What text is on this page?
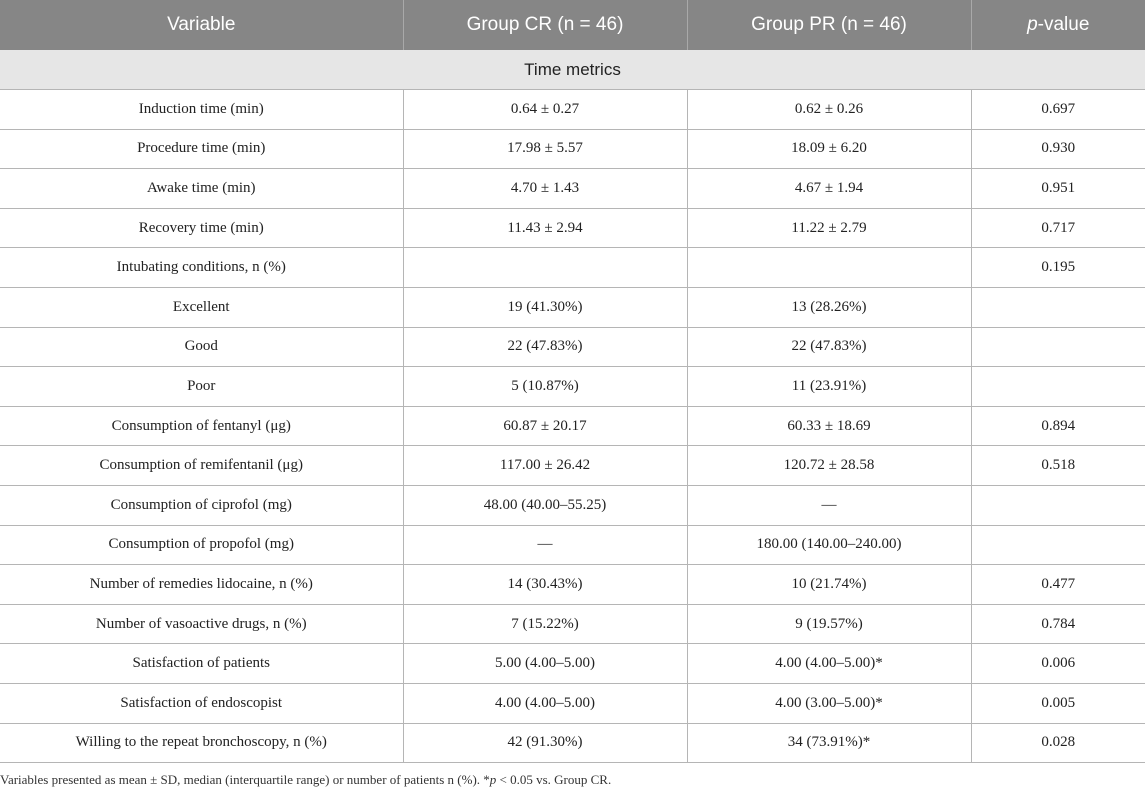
Variable	Group CR (n = 46)	Group PR (n = 46)	p-value
Time metrics			
Induction time (min)	0.64 ± 0.27	0.62 ± 0.26	0.697
Procedure time (min)	17.98 ± 5.57	18.09 ± 6.20	0.930
Awake time (min)	4.70 ± 1.43	4.67 ± 1.94	0.951
Recovery time (min)	11.43 ± 2.94	11.22 ± 2.79	0.717
Intubating conditions, n (%)			0.195
Excellent	19 (41.30%)	13 (28.26%)	
Good	22 (47.83%)	22 (47.83%)	
Poor	5 (10.87%)	11 (23.91%)	
Consumption of fentanyl (μg)	60.87 ± 20.17	60.33 ± 18.69	0.894
Consumption of remifentanil (μg)	117.00 ± 26.42	120.72 ± 28.58	0.518
Consumption of ciprofol (mg)	48.00 (40.00–55.25)	—	
Consumption of propofol (mg)	—	180.00 (140.00–240.00)	
Number of remedies lidocaine, n (%)	14 (30.43%)	10 (21.74%)	0.477
Number of vasoactive drugs, n (%)	7 (15.22%)	9 (19.57%)	0.784
Satisfaction of patients	5.00 (4.00–5.00)	4.00 (4.00–5.00)*	0.006
Satisfaction of endoscopist	4.00 (4.00–5.00)	4.00 (3.00–5.00)*	0.005
Willing to the repeat bronchoscopy, n (%)	42 (91.30%)	34 (73.91%)*	0.028
Variables presented as mean ± SD, median (interquartile range) or number of patients n (%). *p < 0.05 vs. Group CR.
